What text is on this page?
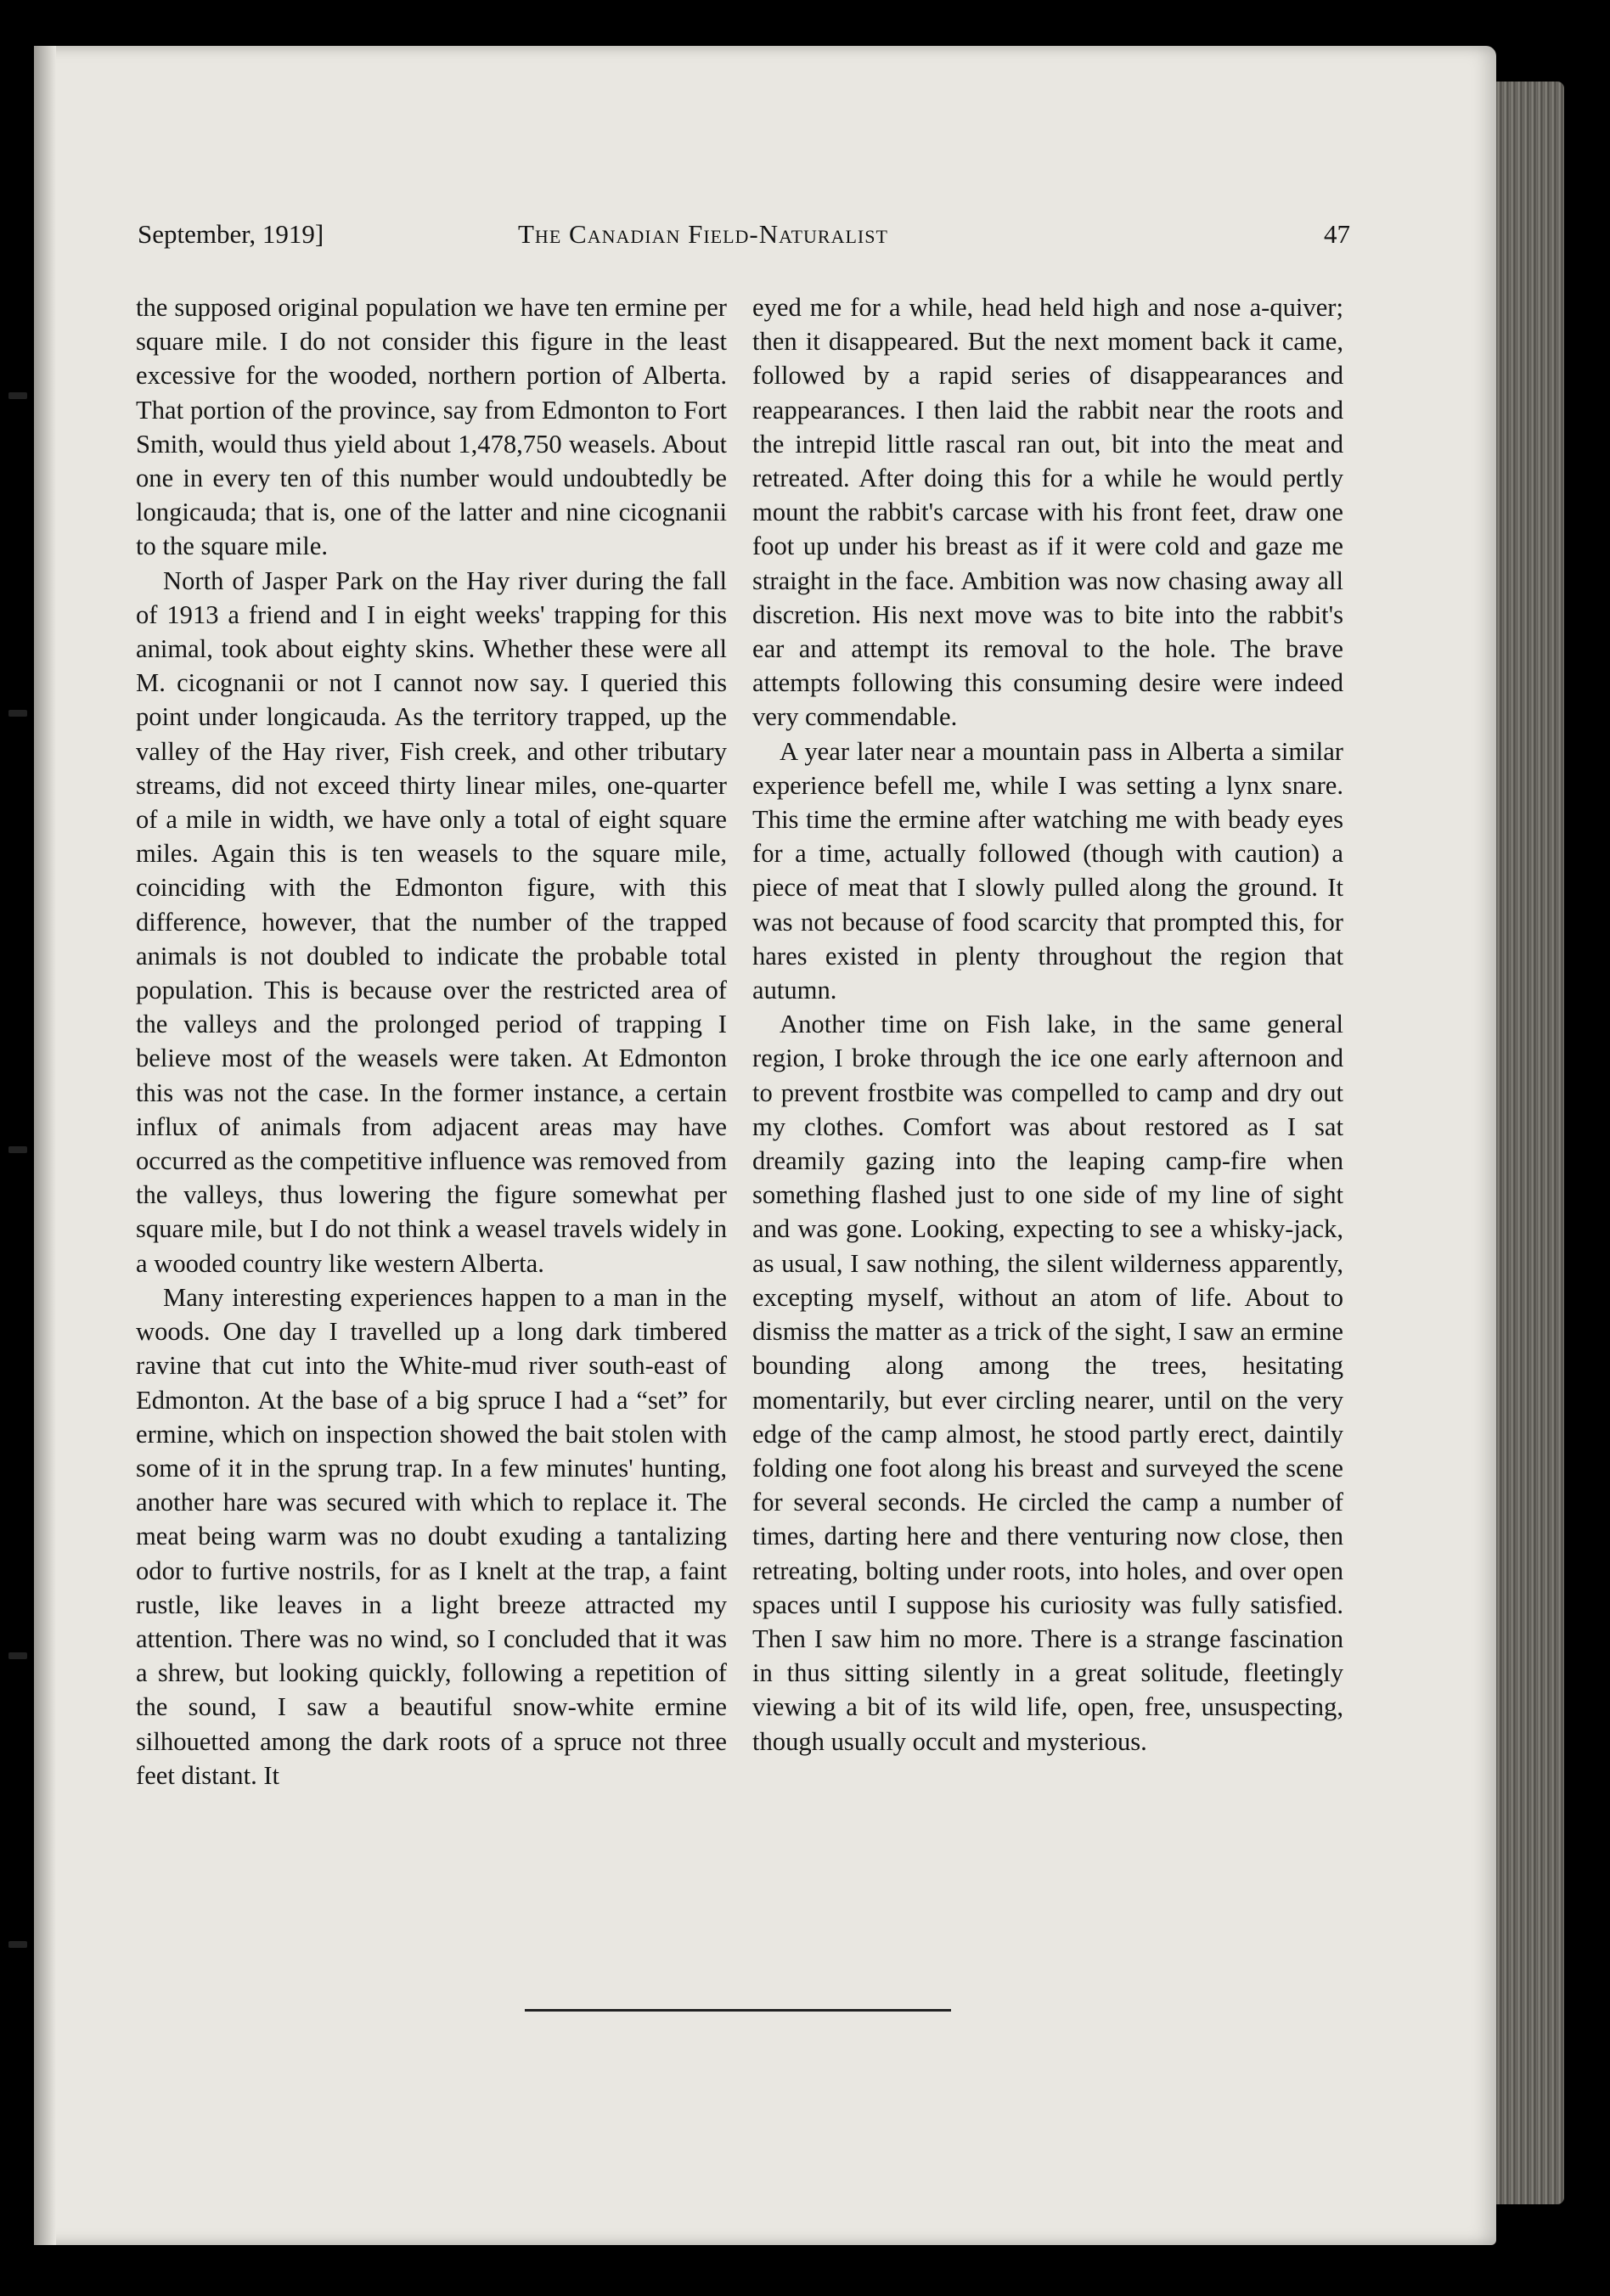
September, 1919]	The Canadian Field-Naturalist	47

the supposed original population we have ten ermine per square mile. I do not consider this figure in the least excessive for the wooded, northern portion of Alberta. That portion of the province, say from Edmonton to Fort Smith, would thus yield about 1,478,750 weasels. About one in every ten of this number would undoubtedly be longicauda; that is, one of the latter and nine cicognanii to the square mile.

North of Jasper Park on the Hay river during the fall of 1913 a friend and I in eight weeks' trapping for this animal, took about eighty skins. Whether these were all M. cicognanii or not I cannot now say. I queried this point under longicauda. As the territory trapped, up the valley of the Hay river, Fish creek, and other tributary streams, did not exceed thirty linear miles, one-quarter of a mile in width, we have only a total of eight square miles. Again this is ten weasels to the square mile, coinciding with the Edmonton figure, with this difference, however, that the number of the trapped animals is not doubled to indicate the probable total population. This is because over the restricted area of the valleys and the prolonged period of trapping I believe most of the weasels were taken. At Edmonton this was not the case. In the former instance, a certain influx of animals from adjacent areas may have occurred as the competitive influence was removed from the valleys, thus lowering the figure somewhat per square mile, but I do not think a weasel travels widely in a wooded country like western Alberta.

Many interesting experiences happen to a man in the woods. One day I travelled up a long dark timbered ravine that cut into the White-mud river south-east of Edmonton. At the base of a big spruce I had a “set” for ermine, which on inspection showed the bait stolen with some of it in the sprung trap. In a few minutes' hunting, another hare was secured with which to replace it. The meat being warm was no doubt exuding a tantalizing odor to furtive nostrils, for as I knelt at the trap, a faint rustle, like leaves in a light breeze attracted my attention. There was no wind, so I concluded that it was a shrew, but looking quickly, following a repetition of the sound, I saw a beautiful snow-white ermine silhouetted among the dark roots of a spruce not three feet distant. It

eyed me for a while, head held high and nose a-quiver; then it disappeared. But the next moment back it came, followed by a rapid series of disappearances and reappearances. I then laid the rabbit near the roots and the intrepid little rascal ran out, bit into the meat and retreated. After doing this for a while he would pertly mount the rabbit's carcase with his front feet, draw one foot up under his breast as if it were cold and gaze me straight in the face. Ambition was now chasing away all discretion. His next move was to bite into the rabbit's ear and attempt its removal to the hole. The brave attempts following this consuming desire were indeed very commendable.

A year later near a mountain pass in Alberta a similar experience befell me, while I was setting a lynx snare. This time the ermine after watching me with beady eyes for a time, actually followed (though with caution) a piece of meat that I slowly pulled along the ground. It was not because of food scarcity that prompted this, for hares existed in plenty throughout the region that autumn.

Another time on Fish lake, in the same general region, I broke through the ice one early afternoon and to prevent frostbite was compelled to camp and dry out my clothes. Comfort was about restored as I sat dreamily gazing into the leaping camp-fire when something flashed just to one side of my line of sight and was gone. Looking, expecting to see a whisky-jack, as usual, I saw nothing, the silent wilderness apparently, excepting myself, without an atom of life. About to dismiss the matter as a trick of the sight, I saw an ermine bounding along among the trees, hesitating momentarily, but ever circling nearer, until on the very edge of the camp almost, he stood partly erect, daintily folding one foot along his breast and surveyed the scene for several seconds. He circled the camp a number of times, darting here and there venturing now close, then retreating, bolting under roots, into holes, and over open spaces until I suppose his curiosity was fully satisfied. Then I saw him no more. There is a strange fascination in thus sitting silently in a great solitude, fleetingly viewing a bit of its wild life, open, free, unsuspecting, though usually occult and mysterious.
